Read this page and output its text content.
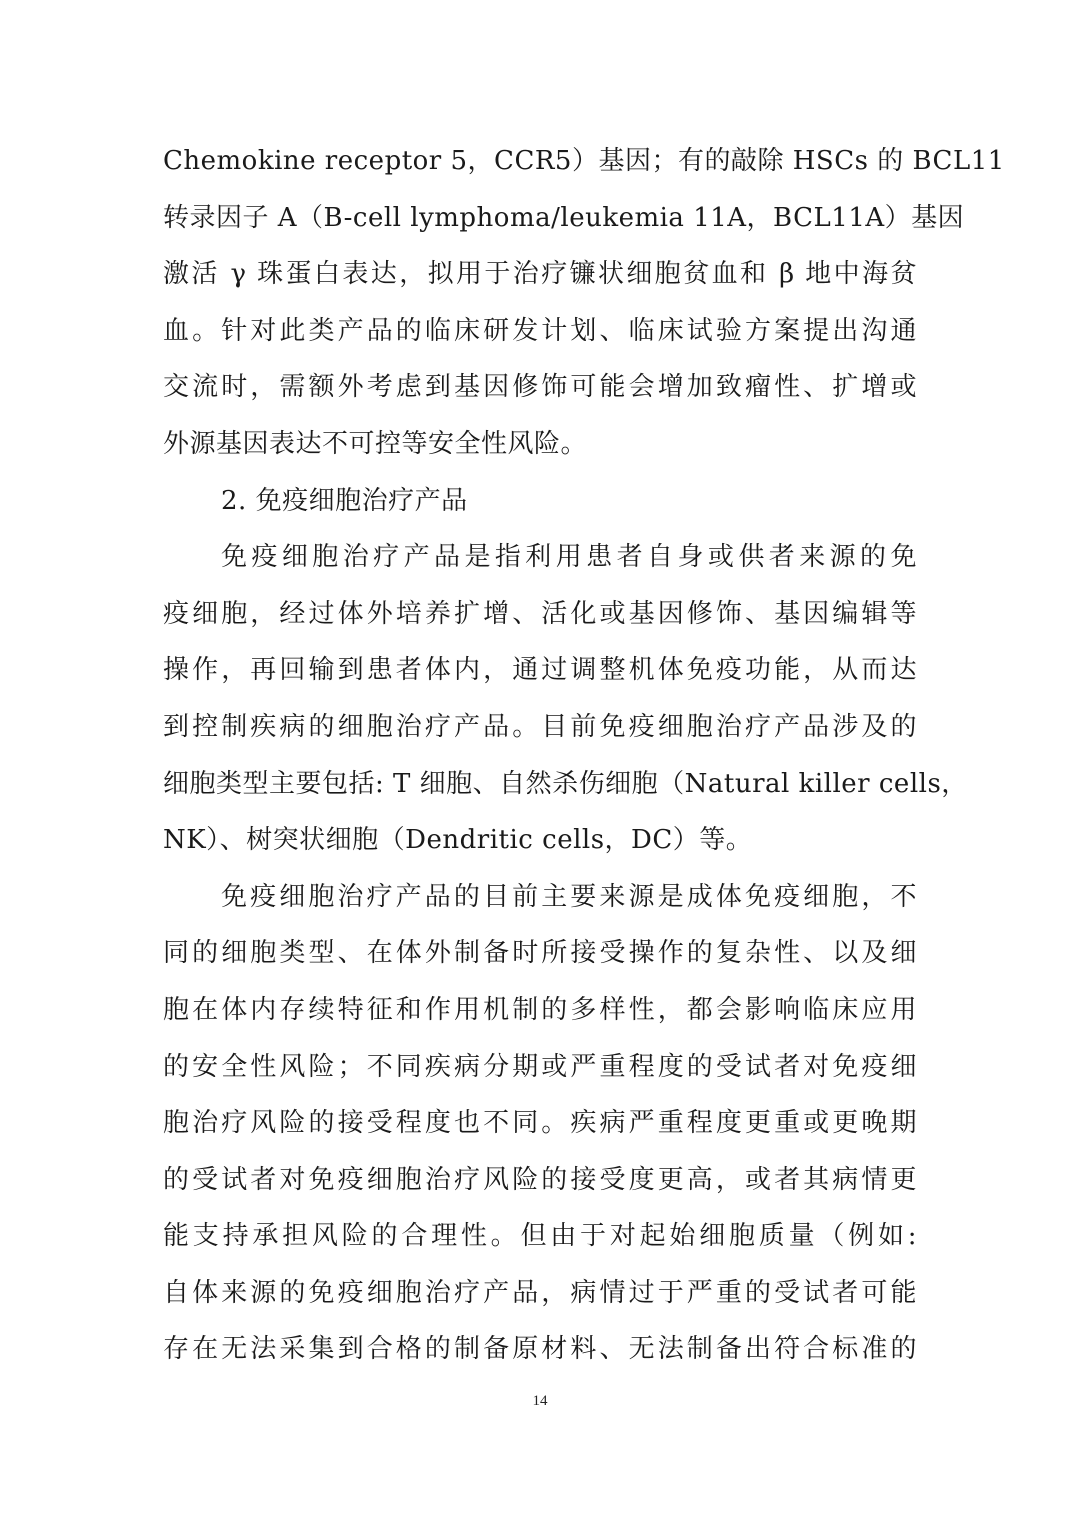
Chemokine receptor 5，CCR5）基因；有的敲除 HSCs 的 BCL11
转录因子 A（B-cell lymphoma/leukemia 11A，BCL11A）基因
激活 γ 珠蛋白表达，拟用于治疗镰状细胞贫血和 β 地中海贫
血。针对此类产品的临床研发计划、临床试验方案提出沟通
交流时，需额外考虑到基因修饰可能会增加致瘤性、扩增或
外源基因表达不可控等安全性风险。
2. 免疫细胞治疗产品
免疫细胞治疗产品是指利用患者自身或供者来源的免
疫细胞，经过体外培养扩增、活化或基因修饰、基因编辑等
操作，再回输到患者体内，通过调整机体免疫功能，从而达
到控制疾病的细胞治疗产品。目前免疫细胞治疗产品涉及的
细胞类型主要包括: T 细胞、自然杀伤细胞（Natural killer cells，
NK）、树突状细胞（Dendritic cells，DC）等。
免疫细胞治疗产品的目前主要来源是成体免疫细胞，不
同的细胞类型、在体外制备时所接受操作的复杂性、以及细
胞在体内存续特征和作用机制的多样性，都会影响临床应用
的安全性风险；不同疾病分期或严重程度的受试者对免疫细
胞治疗风险的接受程度也不同。疾病严重程度更重或更晚期
的受试者对免疫细胞治疗风险的接受度更高，或者其病情更
能支持承担风险的合理性。但由于对起始细胞质量（例如:
自体来源的免疫细胞治疗产品，病情过于严重的受试者可能
存在无法采集到合格的制备原材料、无法制备出符合标准的
14
